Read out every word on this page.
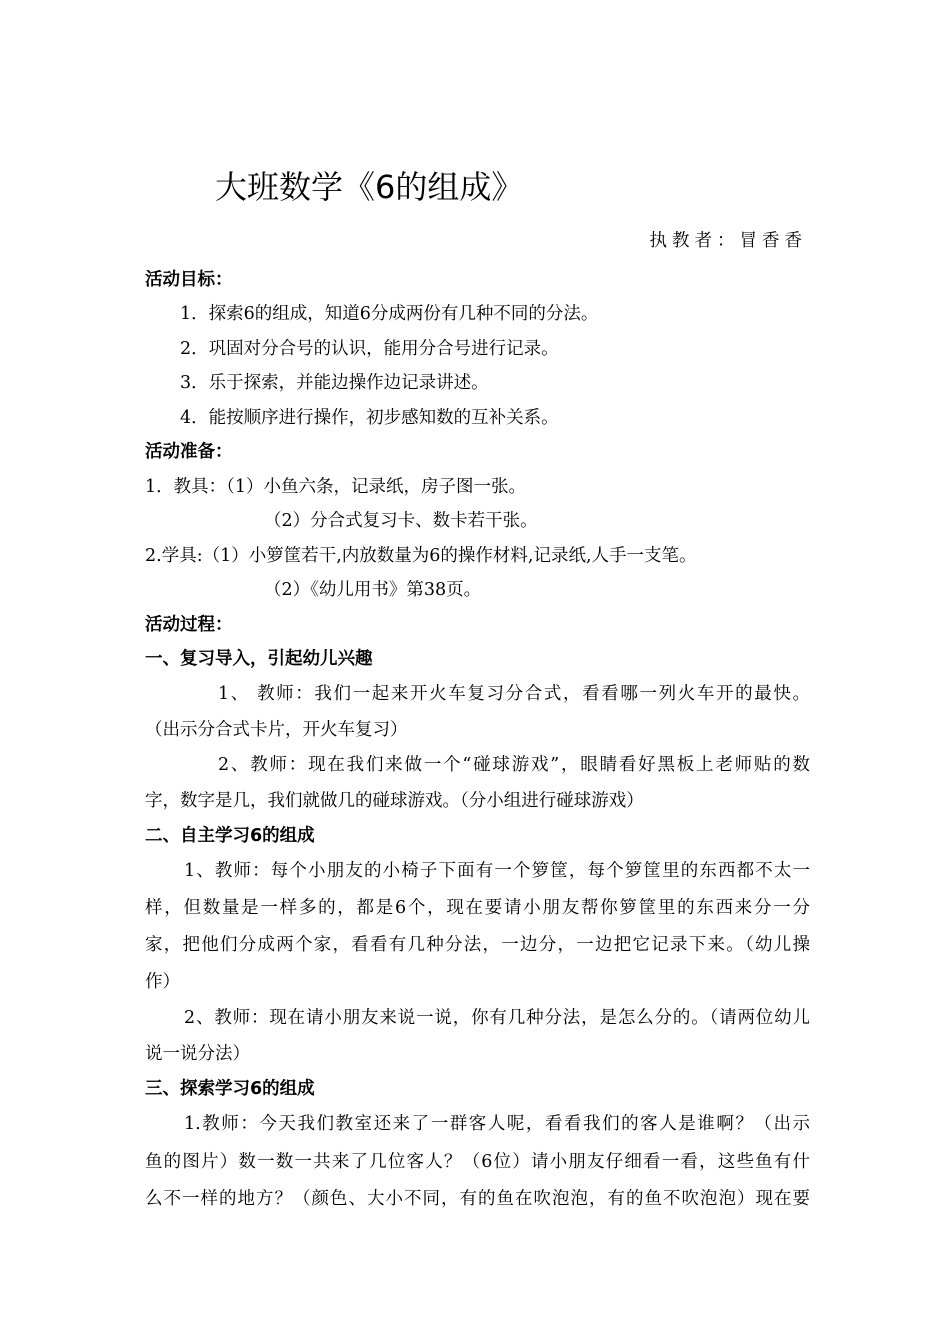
大班数学《6的组成》
执教者：冒香香
活动目标：
1．探索6的组成，知道6分成两份有几种不同的分法。
2．巩固对分合号的认识，能用分合号进行记录。
3．乐于探索，并能边操作边记录讲述。
4．能按顺序进行操作，初步感知数的互补关系。
活动准备：
1．教具：（1）小鱼六条，记录纸，房子图一张。
（2）分合式复习卡、数卡若干张。
2.学具:（1）小箩筐若干,内放数量为6的操作材料,记录纸,人手一支笔。
（2）《幼儿用书》第38页。
活动过程：
一、复习导入，引起幼儿兴趣
1、 教师：我们一起来开火车复习分合式，看看哪一列火车开的最快。
（出示分合式卡片，开火车复习）
2、教师：现在我们来做一个“碰球游戏”，眼睛看好黑板上老师贴的数
字，数字是几，我们就做几的碰球游戏。（分小组进行碰球游戏）
二、自主学习6的组成
1、教师：每个小朋友的小椅子下面有一个箩筐，每个箩筐里的东西都不太一
样，但数量是一样多的，都是6个，现在要请小朋友帮你箩筐里的东西来分一分
家，把他们分成两个家，看看有几种分法，一边分，一边把它记录下来。（幼儿操
作）
2、教师：现在请小朋友来说一说，你有几种分法，是怎么分的。（请两位幼儿
说一说分法）
三、探索学习6的组成
1.教师：今天我们教室还来了一群客人呢，看看我们的客人是谁啊？（出示
鱼的图片）数一数一共来了几位客人？（6位）请小朋友仔细看一看，这些鱼有什
么不一样的地方？（颜色、大小不同，有的鱼在吹泡泡，有的鱼不吹泡泡）现在要
